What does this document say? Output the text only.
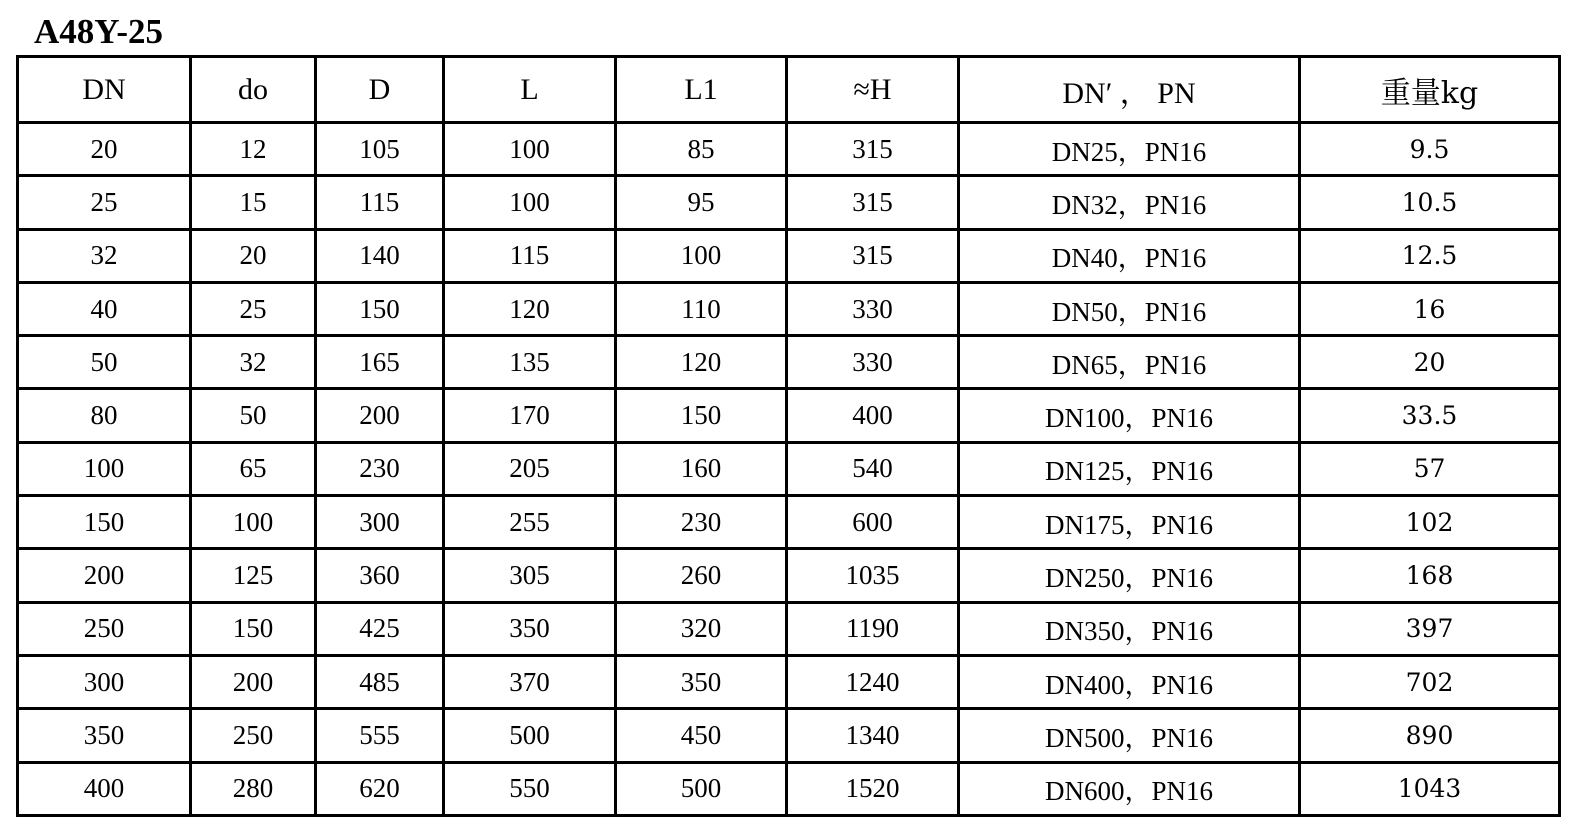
A48Y-25
DN	do	D	L	L1	≈H	DN′ ， PN	重量kg
20	12	105	100	85	315	DN25，PN16	9.5
25	15	115	100	95	315	DN32，PN16	10.5
32	20	140	115	100	315	DN40，PN16	12.5
40	25	150	120	110	330	DN50，PN16	16
50	32	165	135	120	330	DN65，PN16	20
80	50	200	170	150	400	DN100，PN16	33.5
100	65	230	205	160	540	DN125，PN16	57
150	100	300	255	230	600	DN175，PN16	102
200	125	360	305	260	1035	DN250，PN16	168
250	150	425	350	320	1190	DN350，PN16	397
300	200	485	370	350	1240	DN400，PN16	702
350	250	555	500	450	1340	DN500，PN16	890
400	280	620	550	500	1520	DN600，PN16	1043
